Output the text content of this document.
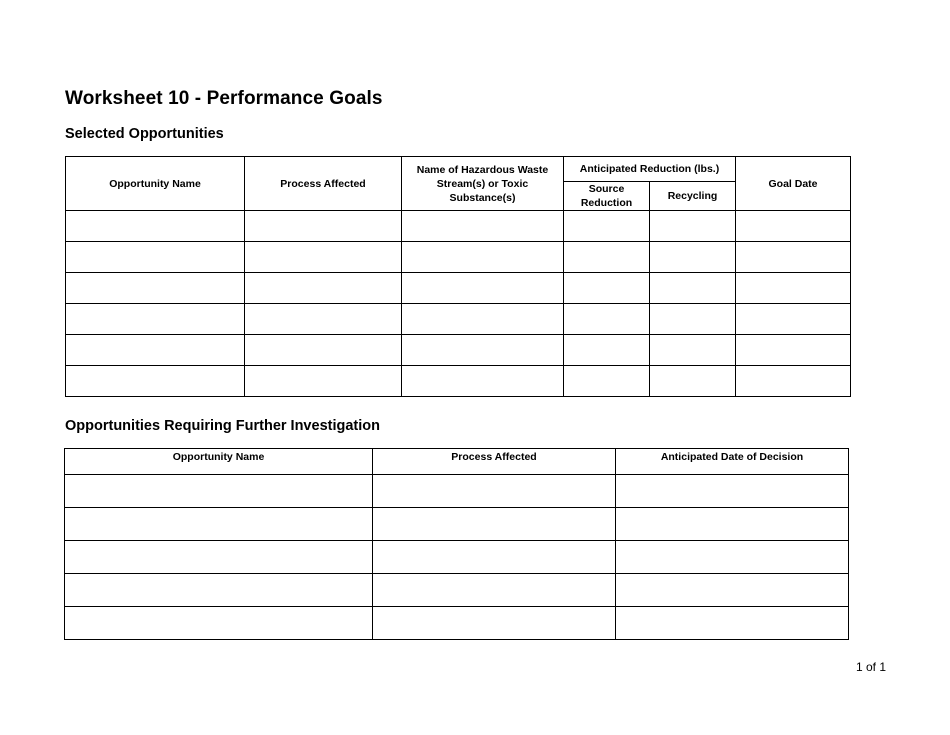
Worksheet 10 - Performance Goals
Selected Opportunities
Opportunity Name	Process Affected	Name of Hazardous Waste Stream(s) or Toxic Substance(s)	Anticipated Reduction (lbs.)		Goal Date
			Source Reduction	Recycling	

Opportunities Requiring Further Investigation
Opportunity Name	Process Affected	Anticipated Date of Decision

1 of 1
